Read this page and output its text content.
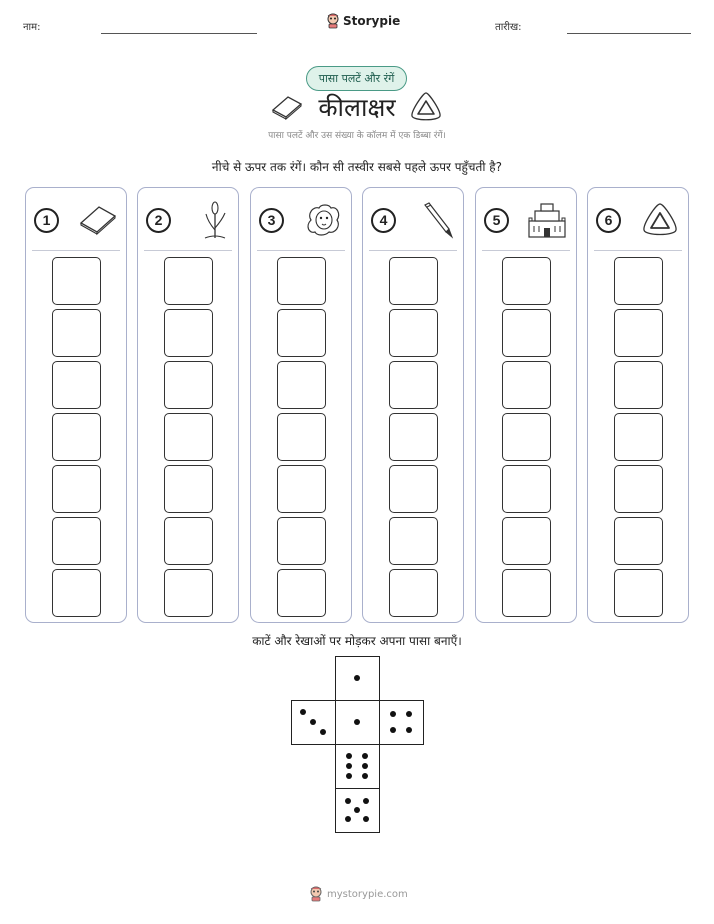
नाम:	Storypie	तारीख:
पासा पलटें और रंगें
कीलाक्षर
पासा पलटें और उस संख्या के कॉलम में एक डिब्बा रंगें।
नीचे से ऊपर तक रंगें। कौन सी तस्वीर सबसे पहले ऊपर पहुँचती है?
1	2	3	4	5	6
काटें और रेखाओं पर मोड़कर अपना पासा बनाएँ।
mystorypie.com
